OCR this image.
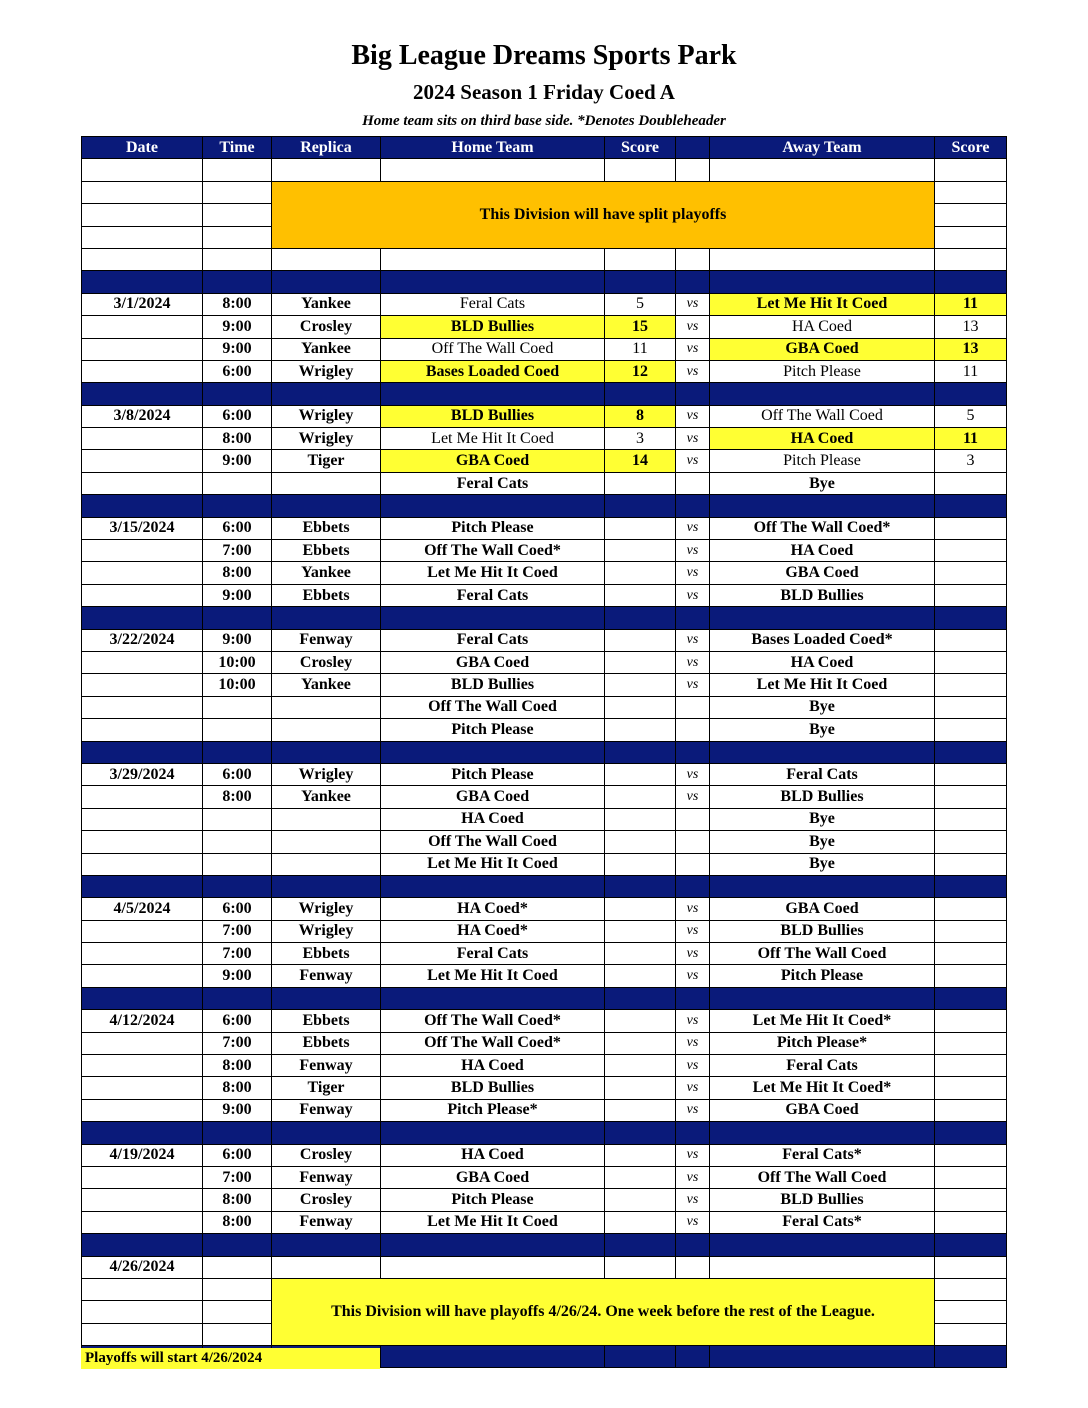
Big League Dreams Sports Park
2024 Season 1 Friday Coed A
Home team sits on third base side. *Denotes Doubleheader
Date	Time	Replica	Home Team	Score		Away Team	Score

		This Division will have split playoffs					

3/1/2024	8:00	Yankee	Feral Cats	5	vs	Let Me Hit It Coed	11
	9:00	Crosley	BLD Bullies	15	vs	HA Coed	13
	9:00	Yankee	Off The Wall Coed	11	vs	GBA Coed	13
	6:00	Wrigley	Bases Loaded Coed	12	vs	Pitch Please	11

3/8/2024	6:00	Wrigley	BLD Bullies	8	vs	Off The Wall Coed	5
	8:00	Wrigley	Let Me Hit It Coed	3	vs	HA Coed	11
	9:00	Tiger	GBA Coed	14	vs	Pitch Please	3
			Feral Cats			Bye	

3/15/2024	6:00	Ebbets	Pitch Please		vs	Off The Wall Coed*	
	7:00	Ebbets	Off The Wall Coed*		vs	HA Coed	
	8:00	Yankee	Let Me Hit It Coed		vs	GBA Coed	
	9:00	Ebbets	Feral Cats		vs	BLD Bullies	

3/22/2024	9:00	Fenway	Feral Cats		vs	Bases Loaded Coed*	
	10:00	Crosley	GBA Coed		vs	HA Coed	
	10:00	Yankee	BLD Bullies		vs	Let Me Hit It Coed	
			Off The Wall Coed			Bye	
			Pitch Please			Bye	

3/29/2024	6:00	Wrigley	Pitch Please		vs	Feral Cats	
	8:00	Yankee	GBA Coed		vs	BLD Bullies	
			HA Coed			Bye	
			Off The Wall Coed			Bye	
			Let Me Hit It Coed			Bye	

4/5/2024	6:00	Wrigley	HA Coed*		vs	GBA Coed	
	7:00	Wrigley	HA Coed*		vs	BLD Bullies	
	7:00	Ebbets	Feral Cats		vs	Off The Wall Coed	
	9:00	Fenway	Let Me Hit It Coed		vs	Pitch Please	

4/12/2024	6:00	Ebbets	Off The Wall Coed*		vs	Let Me Hit It Coed*	
	7:00	Ebbets	Off The Wall Coed*		vs	Pitch Please*	
	8:00	Fenway	HA Coed		vs	Feral Cats	
	8:00	Tiger	BLD Bullies		vs	Let Me Hit It Coed*	
	9:00	Fenway	Pitch Please*		vs	GBA Coed	

4/19/2024	6:00	Crosley	HA Coed		vs	Feral Cats*	
	7:00	Fenway	GBA Coed		vs	Off The Wall Coed	
	8:00	Crosley	Pitch Please		vs	BLD Bullies	
	8:00	Fenway	Let Me Hit It Coed		vs	Feral Cats*	

4/26/2024							
		This Division will have playoffs 4/26/24. One week before the rest of the League.					

Playoffs will start 4/26/2024
